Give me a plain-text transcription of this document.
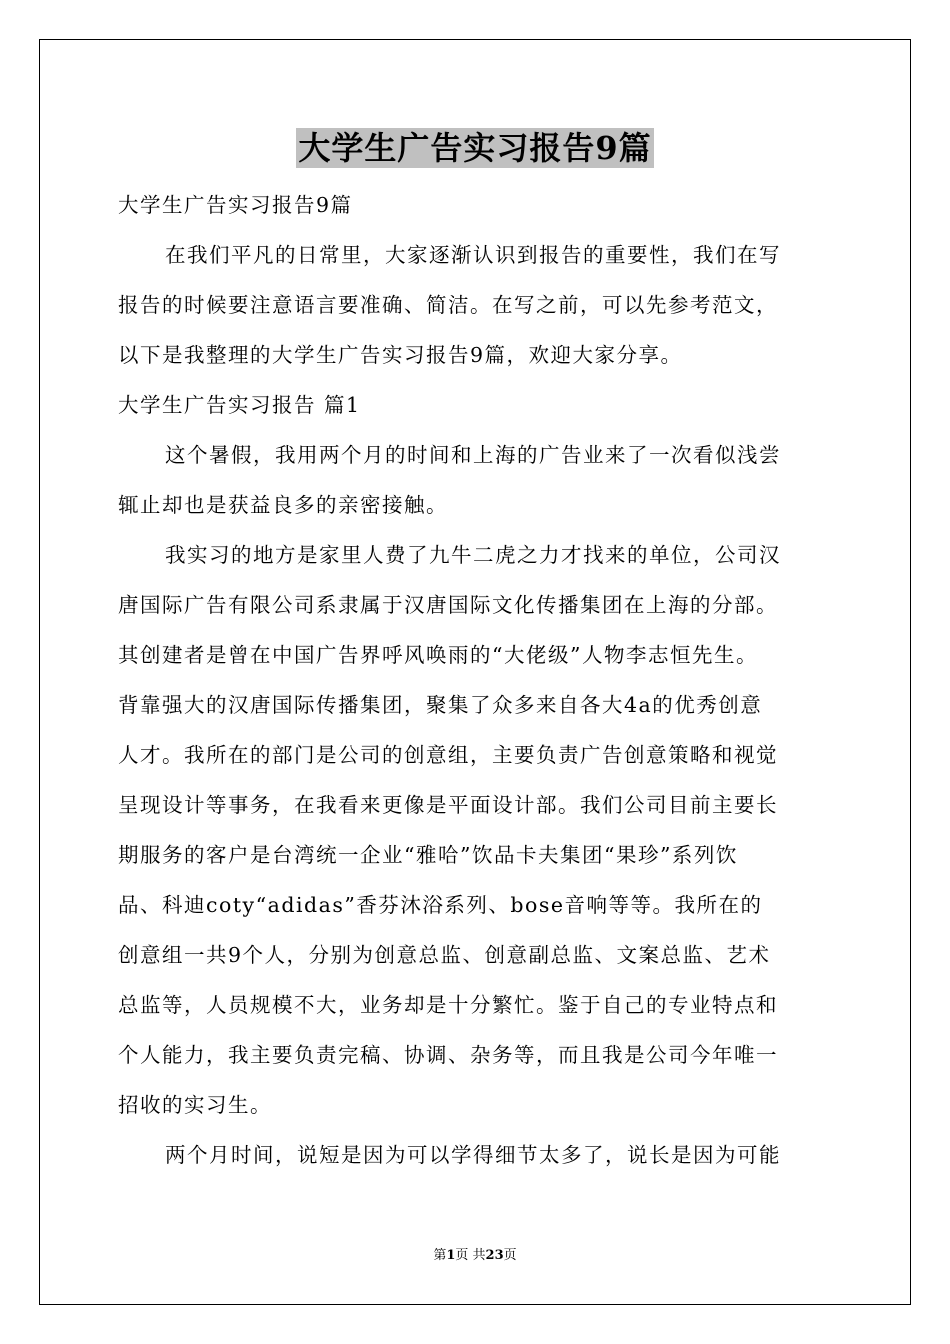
大学生广告实习报告9篇
大学生广告实习报告9篇
在我们平凡的日常里，大家逐渐认识到报告的重要性，我们在写
报告的时候要注意语言要准确、简洁。在写之前，可以先参考范文，
以下是我整理的大学生广告实习报告9篇，欢迎大家分享。
大学生广告实习报告 篇1
这个暑假，我用两个月的时间和上海的广告业来了一次看似浅尝
辄止却也是获益良多的亲密接触。
我实习的地方是家里人费了九牛二虎之力才找来的单位，公司汉
唐国际广告有限公司系隶属于汉唐国际文化传播集团在上海的分部。
其创建者是曾在中国广告界呼风唤雨的“大佬级”人物李志恒先生。
背靠强大的汉唐国际传播集团，聚集了众多来自各大4a的优秀创意
人才。我所在的部门是公司的创意组，主要负责广告创意策略和视觉
呈现设计等事务，在我看来更像是平面设计部。我们公司目前主要长
期服务的客户是台湾统一企业“雅哈”饮品卡夫集团“果珍”系列饮
品、科迪coty“adidas”香芬沐浴系列、bose音响等等。我所在的
创意组一共9个人，分别为创意总监、创意副总监、文案总监、艺术
总监等，人员规模不大，业务却是十分繁忙。鉴于自己的专业特点和
个人能力，我主要负责完稿、协调、杂务等，而且我是公司今年唯一
招收的实习生。
两个月时间，说短是因为可以学得细节太多了，说长是因为可能
第1页 共23页
